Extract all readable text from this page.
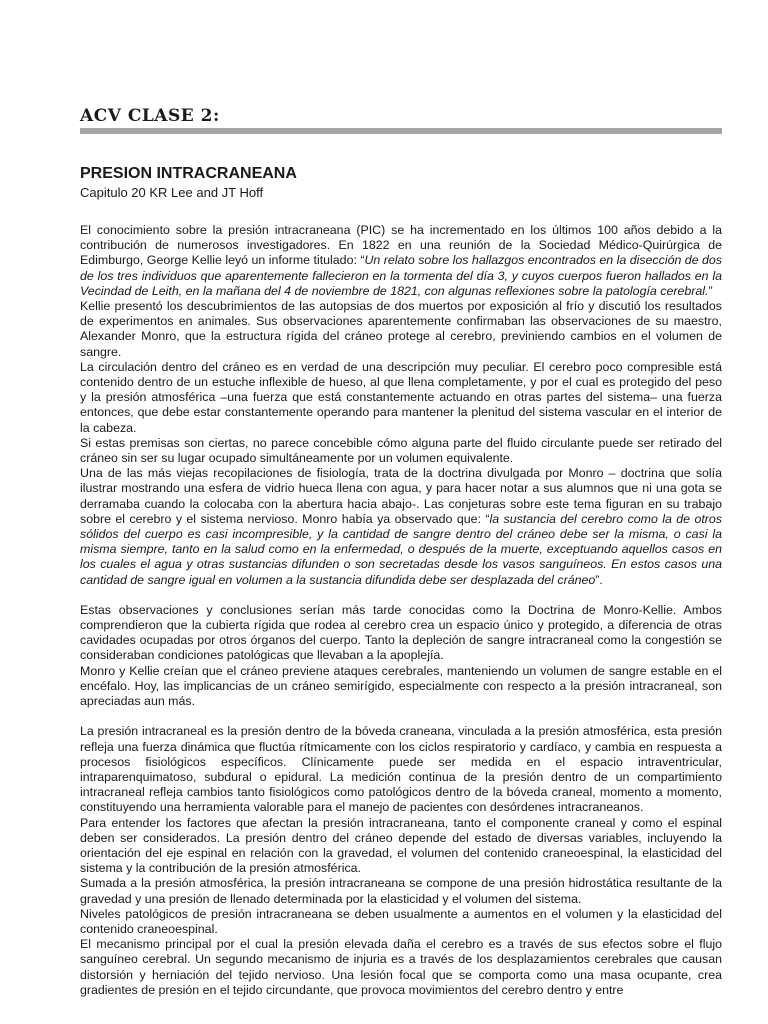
ACV CLASE 2:
PRESION INTRACRANEANA
Capitulo 20 KR Lee and JT Hoff

El conocimiento sobre la presión intracraneana (PIC) se ha incrementado en los últimos 100 años debido a la contribución de numerosos investigadores. En 1822 en una reunión de la Sociedad Médico-Quirúrgica de Edimburgo, George Kellie leyó un informe titulado: “Un relato sobre los hallazgos encontrados en la disección de dos de los tres individuos que aparentemente fallecieron en la tormenta del día 3, y cuyos cuerpos fueron hallados en la Vecindad de Leith, en la mañana del 4 de noviembre de 1821, con algunas reflexiones sobre la patología cerebral.”

Kellie presentó los descubrimientos de las autopsias de dos muertos por exposición al frío y discutió los resultados de experimentos en animales. Sus observaciones aparentemente confirmaban las observaciones de su maestro, Alexander Monro, que la estructura rígida del cráneo protege al cerebro, previniendo cambios en el volumen de sangre.

La circulación dentro del cráneo es en verdad de una descripción muy peculiar. El cerebro poco compresible está contenido dentro de un estuche inflexible de hueso, al que llena completamente, y por el cual es protegido del peso y la presión atmosférica –una fuerza que está constantemente actuando en otras partes del sistema– una fuerza entonces, que debe estar constantemente operando para mantener la plenitud del sistema vascular en el interior de la cabeza.

Si estas premisas son ciertas, no parece concebible cómo alguna parte del fluido circulante puede ser retirado del cráneo sin ser su lugar ocupado simultáneamente por un volumen equivalente.

Una de las más viejas recopilaciones de fisiología, trata de la doctrina divulgada por Monro – doctrina que solía ilustrar mostrando una esfera de vidrio hueca llena con agua, y para hacer notar a sus alumnos que ni una gota se derramaba cuando la colocaba con la abertura hacia abajo-. Las conjeturas sobre este tema figuran en su trabajo sobre el cerebro y el sistema nervioso. Monro había ya observado que: “la sustancia del cerebro como la de otros sólidos del cuerpo es casi incompresible, y la cantidad de sangre dentro del cráneo debe ser la misma, o casi la misma siempre, tanto en la salud como en la enfermedad, o después de la muerte, exceptuando aquellos casos en los cuales el agua y otras sustancias difunden o son secretadas desde los vasos sanguíneos. En estos casos una cantidad de sangre igual en volumen a la sustancia difundida debe ser desplazada del cráneo”.

Estas observaciones y conclusiones serían más tarde conocidas como la Doctrina de Monro-Kellie. Ambos comprendieron que la cubierta rígida que rodea al cerebro crea un espacio único y protegido, a diferencia de otras cavidades ocupadas por otros órganos del cuerpo. Tanto la depleción de sangre intracraneal como la congestión se consideraban condiciones patológicas que llevaban a la apoplejía.

Monro y Kellie creían que el cráneo previene ataques cerebrales, manteniendo un volumen de sangre estable en el encéfalo. Hoy, las implicancias de un cráneo semirígido, especialmente con respecto a la presión intracraneal, son apreciadas aun más.

La presión intracraneal es la presión dentro de la bóveda craneana, vinculada a la presión atmosférica, esta presión refleja una fuerza dinámica que fluctúa rítmicamente con los ciclos respiratorio y cardíaco, y cambia en respuesta a procesos fisiológicos específicos. Clínicamente puede ser medida en el espacio intraventricular, intraparenquimatoso, subdural o epidural. La medición continua de la presión dentro de un compartimiento intracraneal refleja cambios tanto fisiológicos como patológicos dentro de la bóveda craneal, momento a momento, constituyendo una herramienta valorable para el manejo de pacientes con desórdenes intracraneanos.

Para entender los factores que afectan la presión intracraneana, tanto el componente craneal y como el espinal deben ser considerados. La presión dentro del cráneo depende del estado de diversas variables, incluyendo la orientación del eje espinal en relación con la gravedad, el volumen del contenido craneoespinal, la elasticidad del sistema y la contribución de la presión atmosférica.

Sumada a la presión atmosférica, la presión intracraneana se compone de una presión hidrostática resultante de la gravedad y una presión de llenado determinada por la elasticidad y el volumen del sistema.

Niveles patológicos de presión intracraneana se deben usualmente a aumentos en el volumen y la elasticidad del contenido craneoespinal.

El mecanismo principal por el cual la presión elevada daña el cerebro es a través de sus efectos sobre el flujo sanguíneo cerebral. Un segundo mecanismo de injuria es a través de los desplazamientos cerebrales que causan distorsión y herniación del tejido nervioso. Una lesión focal que se comporta como una masa ocupante, crea gradientes de presión en el tejido circundante, que provoca movimientos del cerebro dentro y entre
